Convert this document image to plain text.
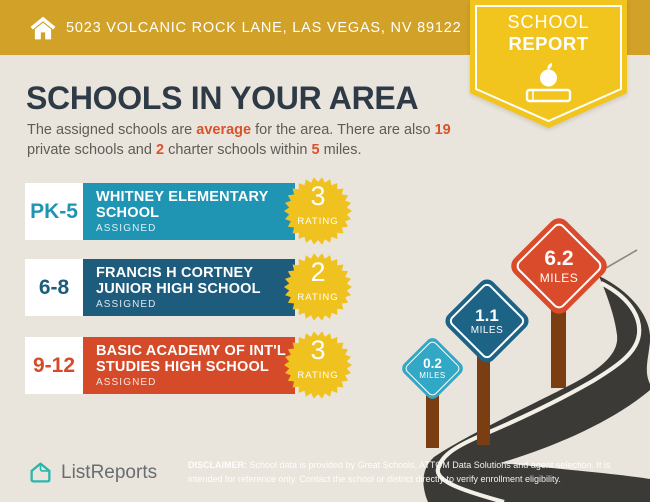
0.2
MILES
1.1
MILES
6.2
MILES
5023 VOLCANIC ROCK LANE, LAS VEGAS, NV 89122	SCHOOL
REPORT
SCHOOLS IN YOUR AREA
The assigned schools are average for the area. There are also 19
private schools and 2 charter schools within 5 miles.
PK-5
WHITNEY ELEMENTARY SCHOOL
ASSIGNED
3
RATING
6-8
FRANCIS H CORTNEY JUNIOR HIGH SCHOOL
ASSIGNED
2
RATING
9-12
BASIC ACADEMY OF INT'L STUDIES HIGH SCHOOL
ASSIGNED
3
RATING
ListReports	DISCLAIMER: School data is provided by Great Schools, ATTOM Data Solutions and agent selection. It is intended for reference only. Contact the school or district directly to verify enrollment eligibility.
